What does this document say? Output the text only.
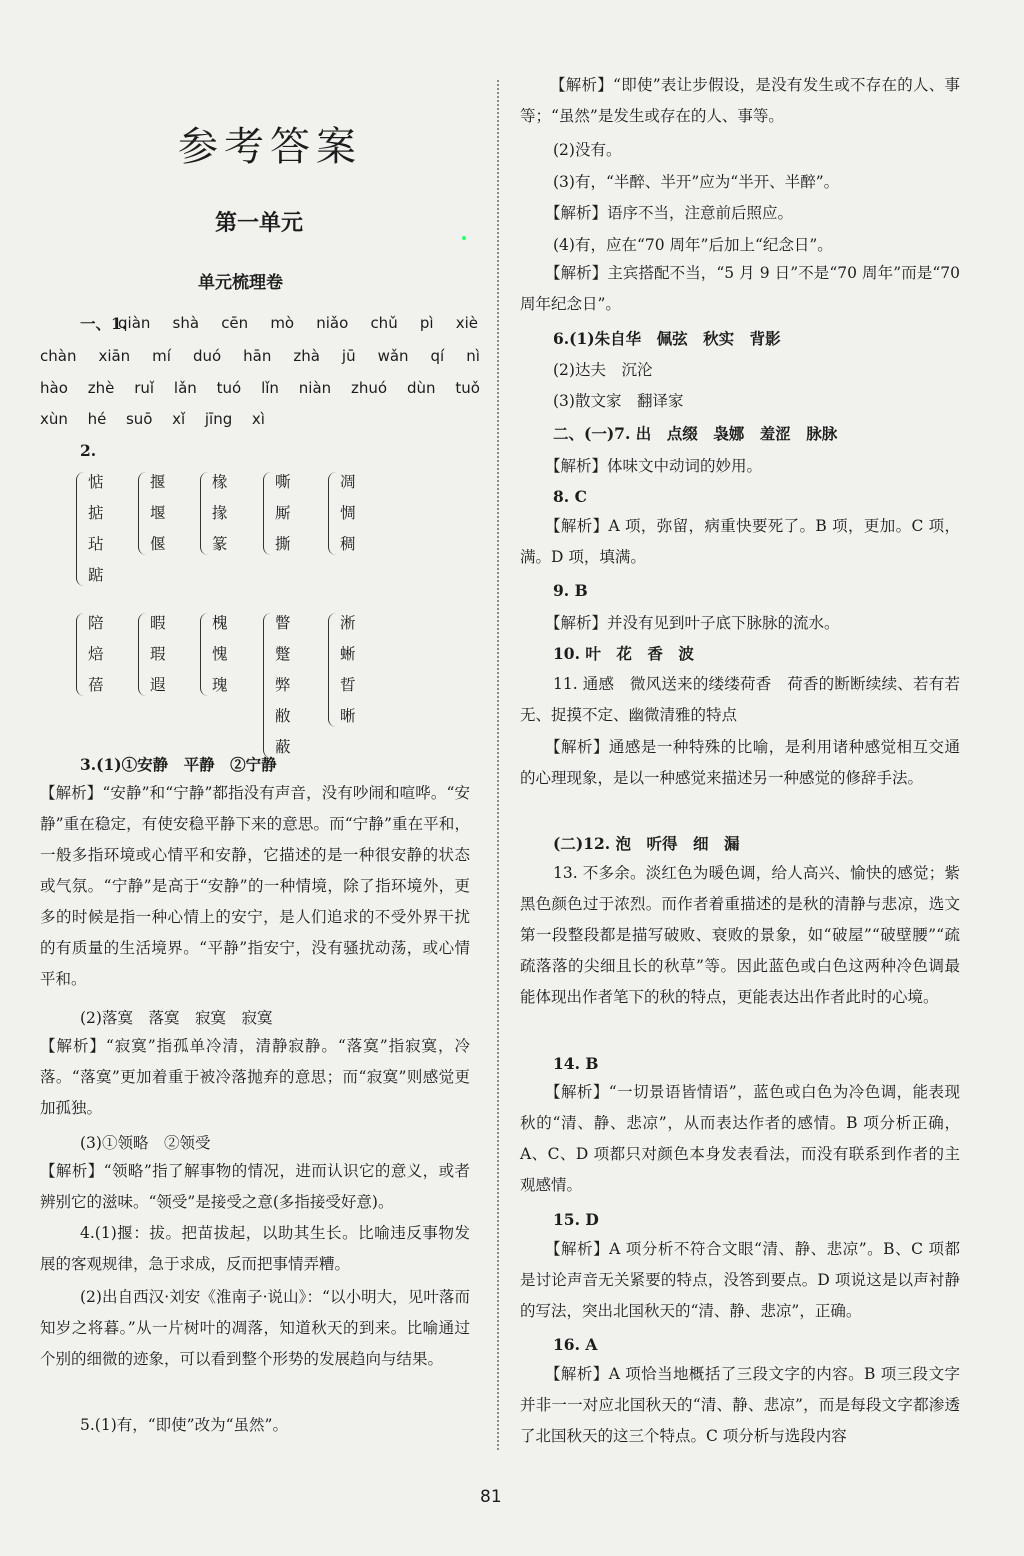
参考答案
第一单元
单元梳理卷
一、1.
qiàn shà cēn mò niǎo chǔ pì xiè
chàn xiān mí duó hān zhà jū wǎn qí nì
hào zhè ruǐ lǎn tuó lǐn niàn zhuó dùn tuǒ
xùn hé suō xǐ jīng xì
2.
惦
掂
玷
踮
揠
堰
偃
椽
掾
篆
嘶
厮
撕
凋
惆
稠
陪
焙
蓓
暇
瑕
遐
槐
愧
瑰
瞥
蹩
弊
敝
蔽
淅
蜥
晢
晰
3.(1)①安静　平静　②宁静
【解析】“安静”和“宁静”都指没有声音，没有吵闹和喧哗。“安静”重在稳定，有使安稳平静下来的意思。而“宁静”重在平和，一般多指环境或心情平和安静，它描述的是一种很安静的状态或气氛。“宁静”是高于“安静”的一种情境，除了指环境外，更多的时候是指一种心情上的安宁，是人们追求的不受外界干扰的有质量的生活境界。“平静”指安宁，没有骚扰动荡，或心情平和。
(2)落寞　落寞　寂寞　寂寞
【解析】“寂寞”指孤单冷清，清静寂静。“落寞”指寂寞，冷落。“落寞”更加着重于被冷落抛弃的意思；而“寂寞”则感觉更加孤独。
(3)①领略　②领受
【解析】“领略”指了解事物的情况，进而认识它的意义，或者辨别它的滋味。“领受”是接受之意(多指接受好意)。
4.(1)揠：拔。把苗拔起，以助其生长。比喻违反事物发展的客观规律，急于求成，反而把事情弄糟。
(2)出自西汉·刘安《淮南子·说山》：“以小明大，见叶落而知岁之将暮。”从一片树叶的凋落，知道秋天的到来。比喻通过个别的细微的迹象，可以看到整个形势的发展趋向与结果。
5.(1)有，“即使”改为“虽然”。
【解析】“即使”表让步假设，是没有发生或不存在的人、事等；“虽然”是发生或存在的人、事等。
(2)没有。
(3)有，“半醉、半开”应为“半开、半醉”。
【解析】语序不当，注意前后照应。
(4)有，应在“70 周年”后加上“纪念日”。
【解析】主宾搭配不当，“5 月 9 日”不是“70 周年”而是“70 周年纪念日”。
6.(1)朱自华　佩弦　秋实　背影
(2)达夫　沉沦
(3)散文家　翻译家
二、(一)7. 出　点缀　袅娜　羞涩　脉脉
【解析】体味文中动词的妙用。
8. C
【解析】A 项，弥留，病重快要死了。B 项，更加。C 项，满。D 项，填满。
9. B
【解析】并没有见到叶子底下脉脉的流水。
10. 叶　花　香　波
11. 通感　微风送来的缕缕荷香　荷香的断断续续、若有若无、捉摸不定、幽微清雅的特点
【解析】通感是一种特殊的比喻，是利用诸种感觉相互交通的心理现象，是以一种感觉来描述另一种感觉的修辞手法。
(二)12. 泡　听得　细　漏
13. 不多余。淡红色为暖色调，给人高兴、愉快的感觉；紫黑色颜色过于浓烈。而作者着重描述的是秋的清静与悲凉，选文第一段整段都是描写破败、衰败的景象，如“破屋”“破壁腰”“疏疏落落的尖细且长的秋草”等。因此蓝色或白色这两种冷色调最能体现出作者笔下的秋的特点，更能表达出作者此时的心境。
14. B
【解析】“一切景语皆情语”，蓝色或白色为冷色调，能表现秋的“清、静、悲凉”，从而表达作者的感情。B 项分析正确，A、C、D 项都只对颜色本身发表看法，而没有联系到作者的主观感情。
15. D
【解析】A 项分析不符合文眼“清、静、悲凉”。B、C 项都是讨论声音无关紧要的特点，没答到要点。D 项说这是以声衬静的写法，突出北国秋天的“清、静、悲凉”，正确。
16. A
【解析】A 项恰当地概括了三段文字的内容。B 项三段文字并非一一对应北国秋天的“清、静、悲凉”，而是每段文字都渗透了北国秋天的这三个特点。C 项分析与选段内容
81
